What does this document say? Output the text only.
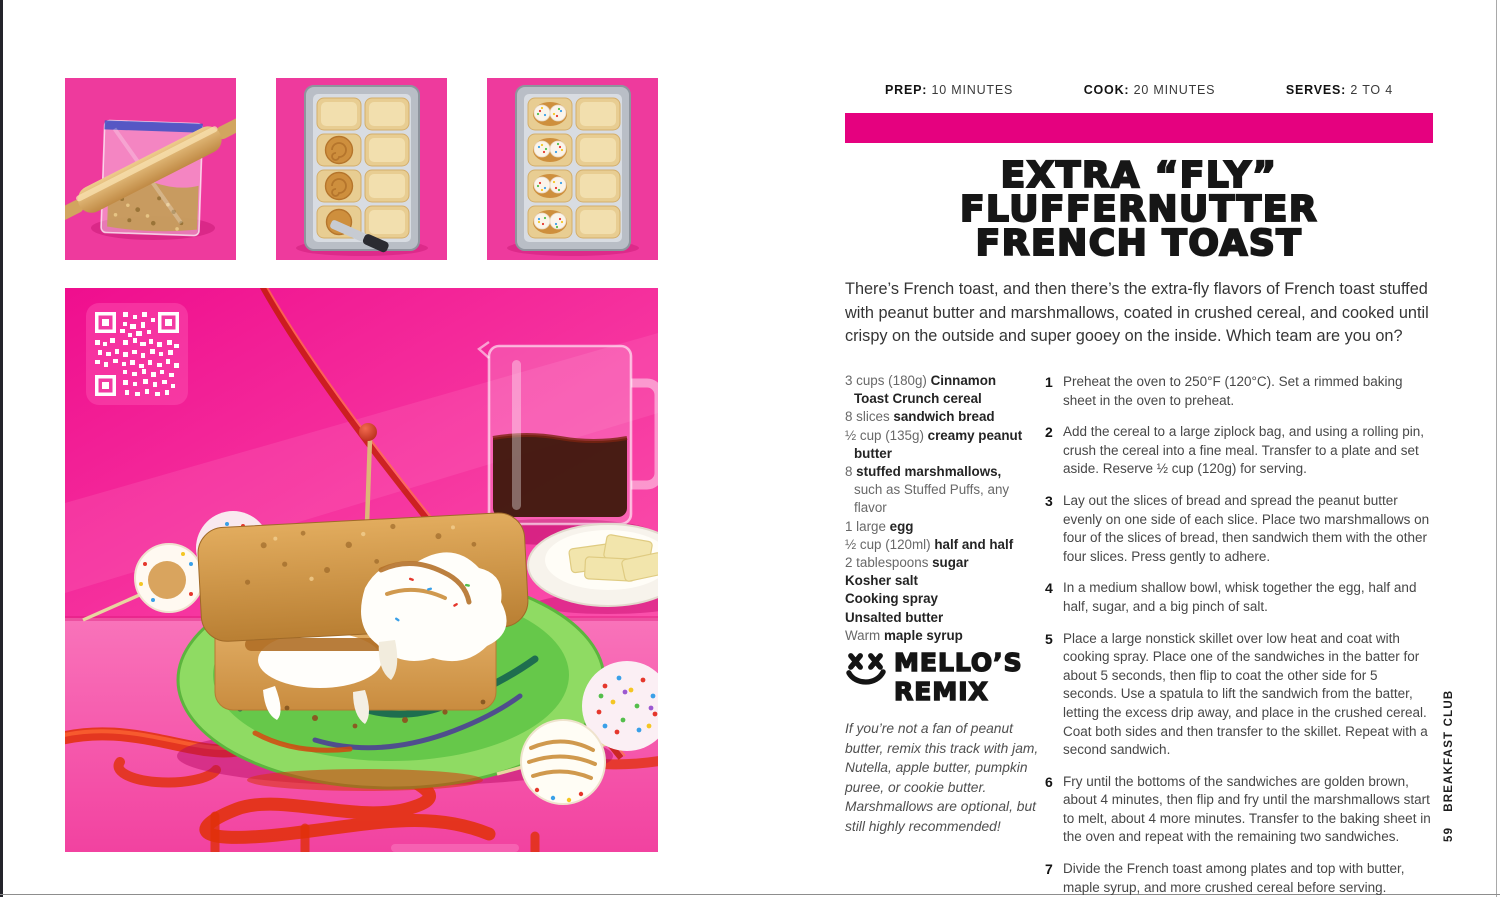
PREP: 10 MINUTES	COOK: 20 MINUTES	SERVES: 2 TO 4
EXTRA “FLY”
FLUFFERNUTTER
FRENCH TOAST

There’s French toast, and then there’s the extra-fly flavors of French toast stuffed with peanut butter and marshmallows, coated in crushed cereal, and cooked until crispy on the outside and super gooey on the inside. Which team are you on?

3 cups (180g) Cinnamon Toast Crunch cereal
8 slices sandwich bread
½ cup (135g) creamy peanut butter
8 stuffed marshmallows, such as Stuffed Puffs, any flavor
1 large egg
½ cup (120ml) half and half
2 tablespoons sugar
Kosher salt
Cooking spray
Unsalted butter
Warm maple syrup
1 Preheat the oven to 250°F (120°C). Set a rimmed baking sheet in the oven to preheat.

2 Add the cereal to a large ziplock bag, and using a rolling pin, crush the cereal into a fine meal. Transfer to a plate and set aside. Reserve ½ cup (120g) for serving.

3 Lay out the slices of bread and spread the peanut butter evenly on one side of each slice. Place two marshmallows on four of the slices of bread, then sandwich them with the other four slices. Press gently to adhere.

4 In a medium shallow bowl, whisk together the egg, half and half, sugar, and a big pinch of salt.

5 Place a large nonstick skillet over low heat and coat with cooking spray. Place one of the sandwiches in the batter for about 5 seconds, then flip to coat the other side for 5 seconds. Use a spatula to lift the sandwich from the batter, letting the excess drip away, and place in the crushed cereal. Coat both sides and then transfer to the skillet. Repeat with a second sandwich.

6 Fry until the bottoms of the sandwiches are golden brown, about 4 minutes, then flip and fry until the marshmallows start to melt, about 4 more minutes. Transfer to the baking sheet in the oven and repeat with the remaining two sandwiches.

7 Divide the French toast among plates and top with butter, maple syrup, and more crushed cereal before serving.

MELLO’S
REMIX

If you’re not a fan of peanut butter, remix this track with jam, Nutella, apple butter, pumpkin puree, or cookie butter. Marshmallows are optional, but still highly recommended!

59
BREAKFAST CLUB
